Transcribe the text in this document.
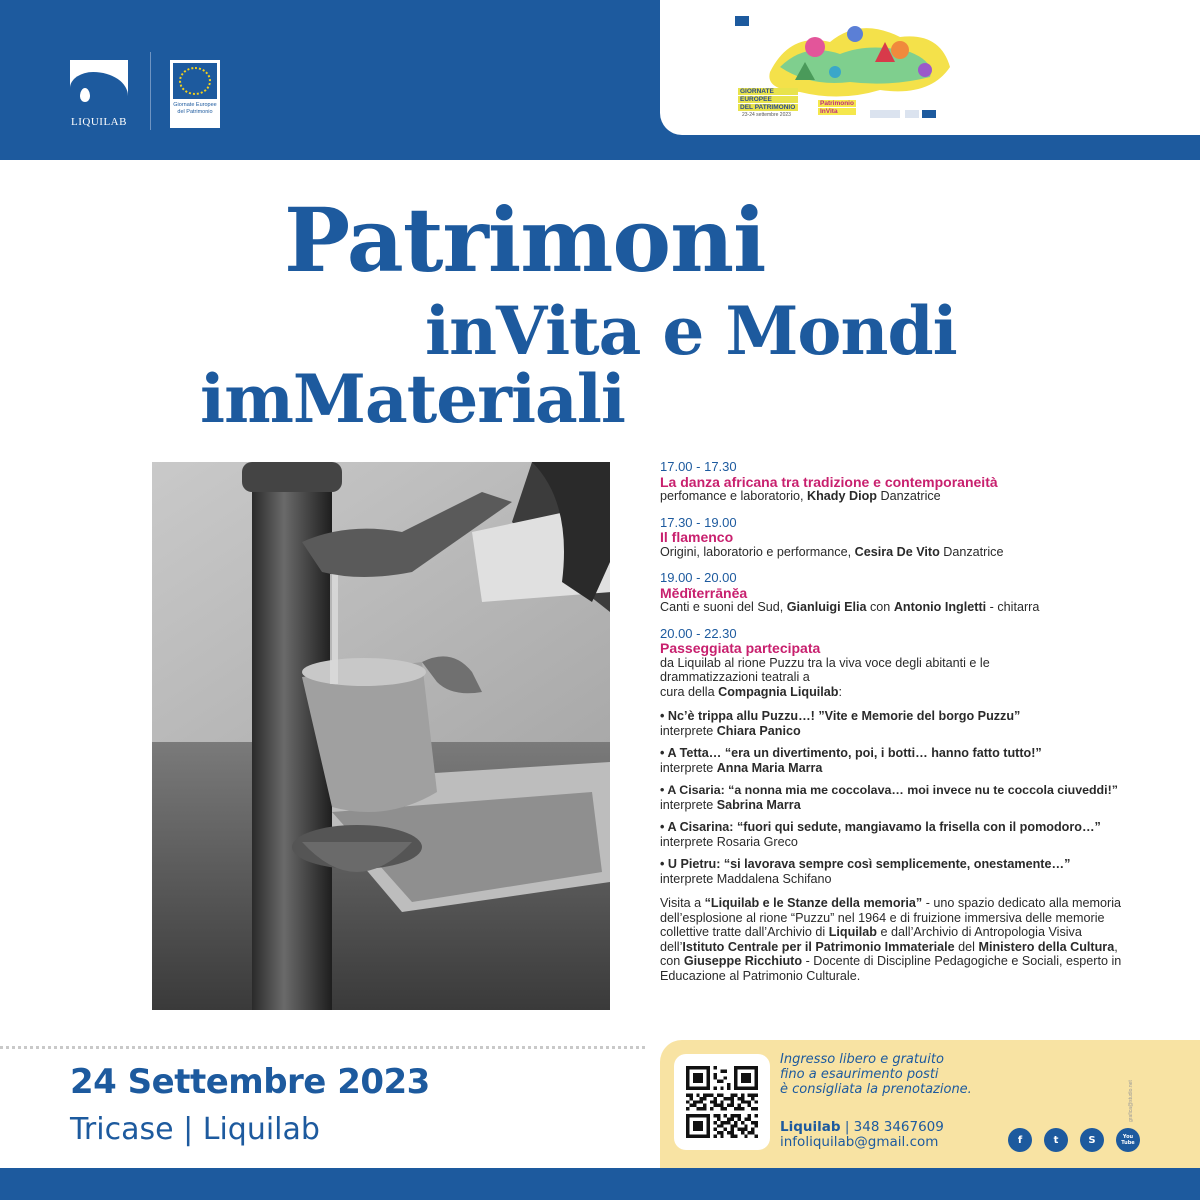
LIQUILAB
Giornate Europee del Patrimonio
GIORNATE
EUROPEE
DEL PATRIMONIO
23-24 settembre 2023
Patrimonio
InVita
Patrimoni
inVita e Mondi
imMateriali
17.00 - 17.30
La danza africana tra tradizione e contemporaneità
perfomance e laboratorio, Khady Diop Danzatrice
17.30 - 19.00
Il flamenco
Origini, laboratorio e performance, Cesira De Vito Danzatrice
19.00 - 20.00
Mĕdĭterrānĕa
Canti e suoni del Sud, Gianluigi Elia con Antonio Ingletti - chitarra
20.00 - 22.30
Passeggiata partecipata
da Liquilab al rione Puzzu tra la viva voce degli abitanti e le
drammatizzazioni teatrali a
cura della Compagnia Liquilab:
• Nc’è trippa allu Puzzu…! ”Vite e Memorie del borgo Puzzu”
interprete Chiara Panico
• A Tetta… “era un divertimento, poi, i botti… hanno fatto tutto!”
interprete Anna Maria Marra
• A Cisaria: “a nonna mia me coccolava… moi invece nu te coccola ciuveddi!”
interprete Sabrina Marra
• A Cisarina: “fuori qui sedute, mangiavamo la frisella con il pomodoro…”
interprete Rosaria Greco
• U Pietru: “si lavorava sempre così semplicemente, onestamente…”
interprete Maddalena Schifano
Visita a “Liquilab e le Stanze della memoria” - uno spazio dedicato alla memoria dell’esplosione al rione “Puzzu” nel 1964 e di fruizione immersiva delle memorie collettive tratte dall’Archivio di Liquilab e dall’Archivio di Antropologia Visiva dell’Istituto Centrale per il Patrimonio Immateriale del Ministero della Cultura, con Giuseppe Ricchiuto - Docente di Discipline Pedagogiche e Sociali, esperto in Educazione al Patrimonio Culturale.
24 Settembre 2023
Tricase | Liquilab
Ingresso libero e gratuito
fino a esaurimento posti
è consigliata la prenotazione.
Liquilab | 348 3467609
infoliquilab@gmail.com	f	t	S	You Tube
grafica@studio.net
